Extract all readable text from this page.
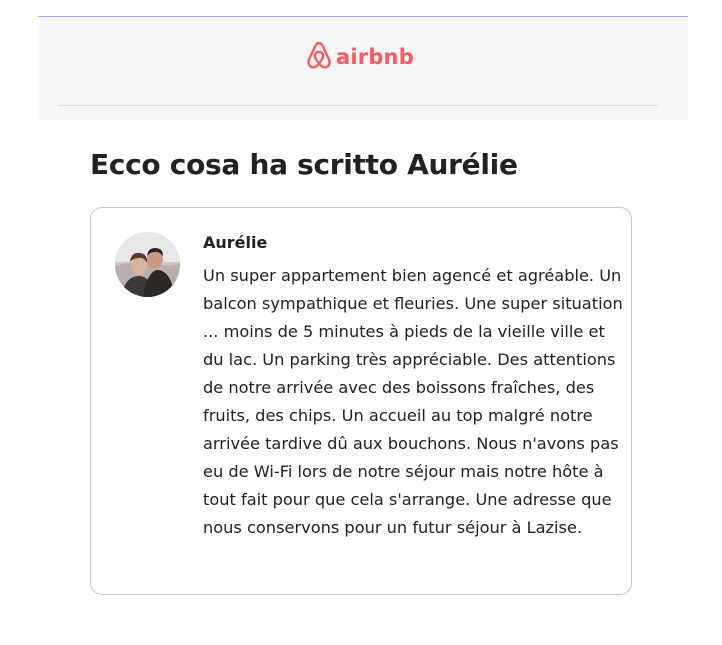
airbnb
Ecco cosa ha scritto Aurélie
Aurélie

Un super appartement bien agencé et agréable. Un balcon sympathique et fleuries. Une super situation ... moins de 5 minutes à pieds de la vieille ville et du lac. Un parking très appréciable. Des attentions de notre arrivée avec des boissons fraîches, des fruits, des chips. Un accueil au top malgré notre arrivée tardive dû aux bouchons. Nous n'avons pas eu de Wi-Fi lors de notre séjour mais notre hôte à tout fait pour que cela s'arrange. Une adresse que nous conservons pour un futur séjour à Lazise.
